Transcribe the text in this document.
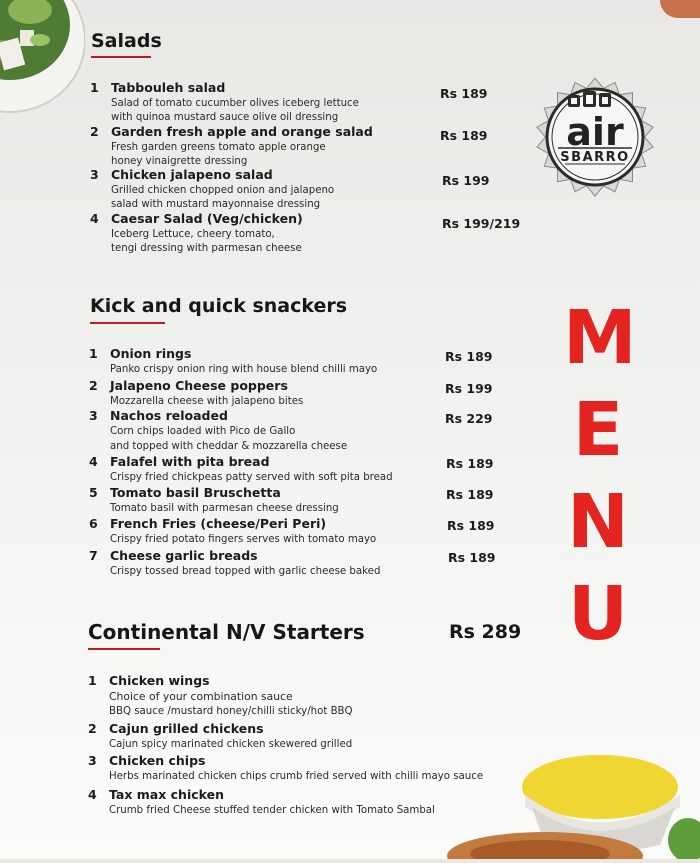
air
SBARRO
M
E
N
U
Salads
1 Tabbouleh salad
Salad of tomato cucumber olives iceberg lettuce
with quinoa mustard sauce olive oil dressing
Rs 189
2 Garden fresh apple and orange salad
Fresh garden greens tomato apple orange
honey vinaigrette dressing
Rs 189
3 Chicken jalapeno salad
Grilled chicken chopped onion and jalapeno
salad with mustard mayonnaise dressing
Rs 199
4 Caesar Salad (Veg/chicken)
Iceberg Lettuce, cheery tomato,
tengi dressing with parmesan cheese
Rs 199/219
Kick and quick snackers
1 Onion rings
Panko crispy onion ring with house blend chilli mayo
Rs 189
2 Jalapeno Cheese poppers
Mozzarella cheese with jalapeno bites
Rs 199
3 Nachos reloaded
Corn chips loaded with Pico de Gallo
and topped with cheddar & mozzarella cheese
Rs 229
4 Falafel with pita bread
Crispy fried chickpeas patty served with soft pita bread
Rs 189
5 Tomato basil Bruschetta
Tomato basil with parmesan cheese dressing
Rs 189
6 French Fries (cheese/Peri Peri)
Crispy fried potato fingers serves with tomato mayo
Rs 189
7 Cheese garlic breads
Crispy tossed bread topped with garlic cheese baked
Rs 189
Continental N/V Starters	Rs 289
1 Chicken wings
Choice of your combination sauce
BBQ sauce /mustard honey/chilli sticky/hot BBQ
2 Cajun grilled chickens
Cajun spicy marinated chicken skewered grilled
3 Chicken chips
Herbs marinated chicken chips crumb fried served with chilli mayo sauce
4 Tax max chicken
Crumb fried Cheese stuffed tender chicken with Tomato Sambal
